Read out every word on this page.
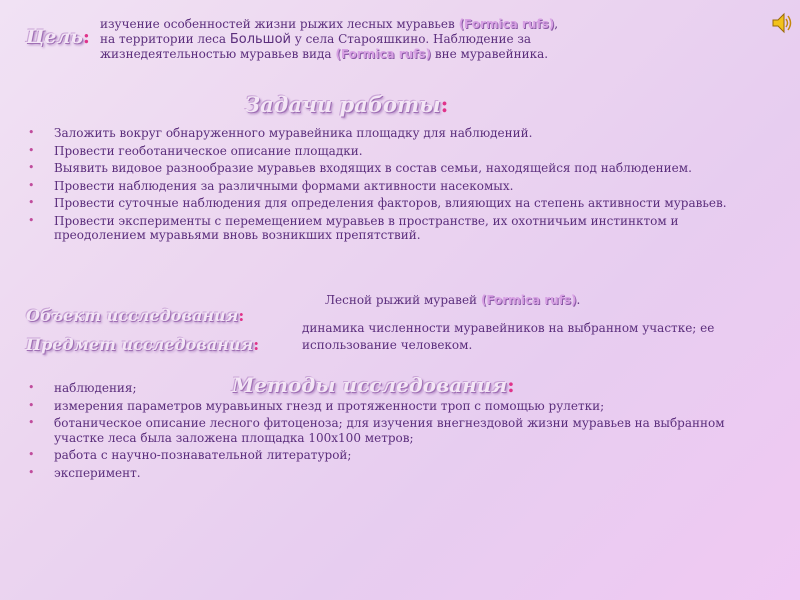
Цель:
изучение особенностей жизни рыжих лесных муравьев (Formica rufs),
на территории леса Большой у села Старояшкино. Наблюдение за
жизнедеятельностью муравьев вида (Formica rufs) вне муравейника.
Задачи работы:
• Заложить вокруг обнаруженного муравейника площадку для наблюдений.
• Провести геоботаническое описание площадки.
• Выявить видовое разнообразие муравьев входящих в состав семьи, находящейся под наблюдением.
• Провести наблюдения за различными формами активности насекомых.
• Провести суточные наблюдения для определения факторов, влияющих на степень активности муравьев.
• Провести эксперименты с перемещением муравьев в пространстве, их охотничьим инстинктом и преодолением муравьями вновь возникших препятствий.
Лесной рыжий муравей (Formica rufs).
Объект исследования:
динамика численности муравейников на выбранном участке; ее использование человеком.
Предмет исследования:
• наблюдения;
• измерения параметров муравьиных гнезд и протяженности троп с помощью рулетки;
• ботаническое описание лесного фитоценоза; для изучения внегнездовой жизни муравьев на выбранном участке леса была заложена площадка 100х100 метров;
• работа с научно-познавательной литературой;
• эксперимент.
Методы исследования:
